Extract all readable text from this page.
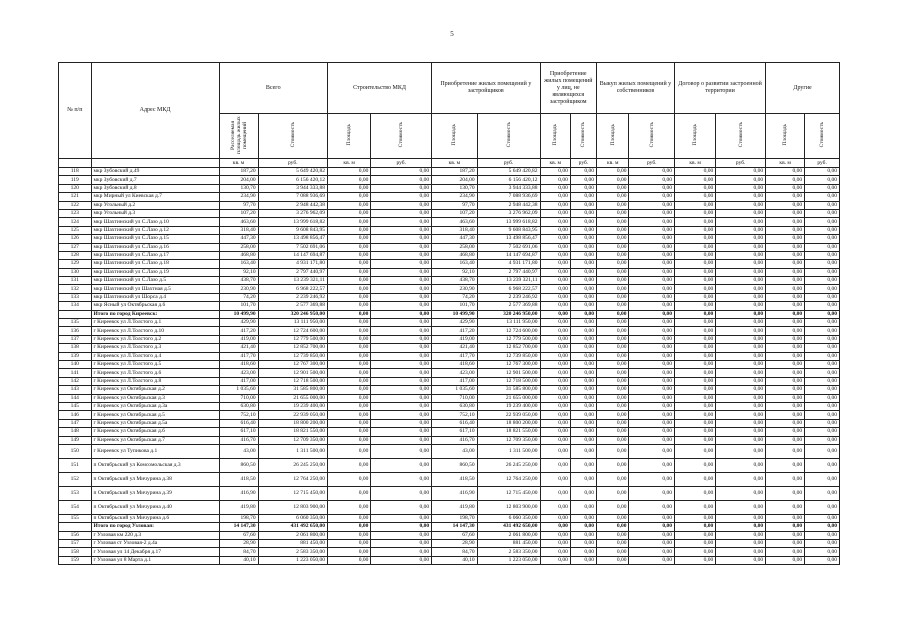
5
№ п/п	Адрес МКД	Всего		Строительство МКД		Приобретение жилых помещений у застройщиков		Приобретение жилых помещений у лиц, не являющихся застройщиком		Выкуп жилых помещений у собственников		Договор о развитии застроенной территории		Другие	
		Расселяемая площадь жилых помещений	Стоимость	Площадь	Стоимость	Площадь	Стоимость	Площадь	Стоимость	Площадь	Стоимость	Площадь	Стоимость	Площадь	Стоимость
		кв. м	руб.	кв. м	руб.	кв. м	руб.	кв. м	руб.	кв. м	руб.	кв. м	руб.	кв. м	руб.
118	мкр Зубовский д.49	187,20	5 649 420,82	0,00	0,00	187,20	5 649 420,82	0,00	0,00	0,00	0,00	0,00	0,00	0,00	0,00
119	мкр Зубовский д.7	204,00	6 156 420,12	0,00	0,00	204,00	6 156 420,12	0,00	0,00	0,00	0,00	0,00	0,00	0,00	0,00
120	мкр Зубовский д.8	130,70	3 944 333,88	0,00	0,00	130,70	3 944 333,88	0,00	0,00	0,00	0,00	0,00	0,00	0,00	0,00
121	мкр Мирный ул Киевская д.7	234,90	7 088 936,69	0,00	0,00	234,90	7 088 936,69	0,00	0,00	0,00	0,00	0,00	0,00	0,00	0,00
122	мкр Угольный д.2	97,70	2 948 442,38	0,00	0,00	97,70	2 948 442,38	0,00	0,00	0,00	0,00	0,00	0,00	0,00	0,00
123	мкр Угольный д.3	107,20	3 276 962,09	0,00	0,00	107,20	3 276 962,09	0,00	0,00	0,00	0,00	0,00	0,00	0,00	0,00
124	мкр Шахтинский ул С.Лазо д.10	463,60	13 999 618,82	0,00	0,00	463,60	13 999 618,82	0,00	0,00	0,00	0,00	0,00	0,00	0,00	0,00
125	мкр Шахтинский ул С.Лазо д.12	318,40	9 608 843,95	0,00	0,00	318,40	9 608 843,95	0,00	0,00	0,00	0,00	0,00	0,00	0,00	0,00
126	мкр Шахтинский ул С.Лазо д.15	447,30	13 498 856,47	0,00	0,00	447,30	13 498 856,47	0,00	0,00	0,00	0,00	0,00	0,00	0,00	0,00
127	мкр Шахтинский ул С.Лазо д.16	258,00	7 502 691,06	0,00	0,00	258,00	7 502 691,06	0,00	0,00	0,00	0,00	0,00	0,00	0,00	0,00
128	мкр Шахтинский ул С.Лазо д.17	468,80	14 147 694,87	0,00	0,00	468,80	14 147 694,87	0,00	0,00	0,00	0,00	0,00	0,00	0,00	0,00
129	мкр Шахтинский ул С.Лазо д.18	163,40	4 931 171,80	0,00	0,00	163,40	4 931 171,80	0,00	0,00	0,00	0,00	0,00	0,00	0,00	0,00
130	мкр Шахтинский ул С.Лазо д.19	92,10	2 797 440,97	0,00	0,00	92,10	2 797 440,97	0,00	0,00	0,00	0,00	0,00	0,00	0,00	0,00
131	мкр Шахтинский ул С.Лазо д.5	438,70	13 239 321,11	0,00	0,00	438,70	13 239 321,11	0,00	0,00	0,00	0,00	0,00	0,00	0,00	0,00
132	мкр Шахтинский ул Шахтная д.5	230,90	6 968 222,57	0,00	0,00	230,90	6 968 222,57	0,00	0,00	0,00	0,00	0,00	0,00	0,00	0,00
133	мкр Шахтинский ул Шорса д.4	74,20	2 239 246,92	0,00	0,00	74,20	2 239 246,92	0,00	0,00	0,00	0,00	0,00	0,00	0,00	0,00
134	мкр Ясный ул Октябрьская д.6	101,70	2 577 369,88	0,00	0,00	101,70	2 577 369,88	0,00	0,00	0,00	0,00	0,00	0,00	0,00	0,00
	Итого по город Киреевск:	10 499,90	320 246 950,00	0,00	0,00	10 499,90	320 246 950,00	0,00	0,00	0,00	0,00	0,00	0,00	0,00	0,00
135	г Киреевск ул Л.Толстого д.1	429,90	13 111 950,00	0,00	0,00	429,90	13 111 950,00	0,00	0,00	0,00	0,00	0,00	0,00	0,00	0,00
136	г Киреевск ул Л.Толстого д.10	417,20	12 724 600,00	0,00	0,00	417,20	12 724 600,00	0,00	0,00	0,00	0,00	0,00	0,00	0,00	0,00
137	г Киреевск ул Л.Толстого д.2	419,00	12 779 500,00	0,00	0,00	419,00	12 779 500,00	0,00	0,00	0,00	0,00	0,00	0,00	0,00	0,00
138	г Киреевск ул Л.Толстого д.3	421,40	12 852 700,00	0,00	0,00	421,40	12 852 700,00	0,00	0,00	0,00	0,00	0,00	0,00	0,00	0,00
139	г Киреевск ул Л.Толстого д.4	417,70	12 739 850,00	0,00	0,00	417,70	12 739 850,00	0,00	0,00	0,00	0,00	0,00	0,00	0,00	0,00
140	г Киреевск ул Л.Толстого д.5	418,60	12 767 300,00	0,00	0,00	418,60	12 767 300,00	0,00	0,00	0,00	0,00	0,00	0,00	0,00	0,00
141	г Киреевск ул Л.Толстого д.6	423,00	12 901 500,00	0,00	0,00	423,00	12 901 500,00	0,00	0,00	0,00	0,00	0,00	0,00	0,00	0,00
142	г Киреевск ул Л.Толстого д.8	417,00	12 718 500,00	0,00	0,00	417,00	12 718 500,00	0,00	0,00	0,00	0,00	0,00	0,00	0,00	0,00
143	г Киреевск ул Октябрьская д.2	1 035,60	31 585 800,00	0,00	0,00	1 035,60	31 585 800,00	0,00	0,00	0,00	0,00	0,00	0,00	0,00	0,00
144	г Киреевск ул Октябрьская д.3	710,00	21 655 000,00	0,00	0,00	710,00	21 655 000,00	0,00	0,00	0,00	0,00	0,00	0,00	0,00	0,00
145	г Киреевск ул Октябрьская д.3а	630,80	19 239 400,00	0,00	0,00	630,80	19 239 400,00	0,00	0,00	0,00	0,00	0,00	0,00	0,00	0,00
146	г Киреевск ул Октябрьская д.5	752,10	22 939 050,00	0,00	0,00	752,10	22 939 050,00	0,00	0,00	0,00	0,00	0,00	0,00	0,00	0,00
147	г Киреевск ул Октябрьская д.5а	616,40	18 800 200,00	0,00	0,00	616,40	18 800 200,00	0,00	0,00	0,00	0,00	0,00	0,00	0,00	0,00
148	г Киреевск ул Октябрьская д.6	617,10	18 821 550,00	0,00	0,00	617,10	18 821 550,00	0,00	0,00	0,00	0,00	0,00	0,00	0,00	0,00
149	г Киреевск ул Октябрьская д.7	416,70	12 709 350,00	0,00	0,00	416,70	12 709 350,00	0,00	0,00	0,00	0,00	0,00	0,00	0,00	0,00
150	г Киреевск ул Тупикова д.1	43,00	1 311 500,00	0,00	0,00	43,00	1 311 500,00	0,00	0,00	0,00	0,00	0,00	0,00	0,00	0,00
151	п Октябрьский ул Комсомольская д.3	860,50	26 245 250,00	0,00	0,00	860,50	26 245 250,00	0,00	0,00	0,00	0,00	0,00	0,00	0,00	0,00
152	п Октябрьский ул Мичурина д.38	418,50	12 764 250,00	0,00	0,00	418,50	12 764 250,00	0,00	0,00	0,00	0,00	0,00	0,00	0,00	0,00
153	п Октябрьский ул Мичурина д.39	416,90	12 715 450,00	0,00	0,00	416,90	12 715 450,00	0,00	0,00	0,00	0,00	0,00	0,00	0,00	0,00
154	п Октябрьский ул Мичурина д.40	419,80	12 803 900,00	0,00	0,00	419,80	12 803 900,00	0,00	0,00	0,00	0,00	0,00	0,00	0,00	0,00
155	п Октябрьский ул Мичурина д.6	198,70	6 060 350,00	0,00	0,00	198,70	6 060 350,00	0,00	0,00	0,00	0,00	0,00	0,00	0,00	0,00
	Итого по город Узловая:	14 147,30	431 492 650,00	0,00	0,00	14 147,30	431 492 650,00	0,00	0,00	0,00	0,00	0,00	0,00	0,00	0,00
156	г Узловая км 220 д.3	67,60	2 061 800,00	0,00	0,00	67,60	2 061 800,00	0,00	0,00	0,00	0,00	0,00	0,00	0,00	0,00
157	г Узловая ст Узловая-2 д.4а	28,90	881 450,00	0,00	0,00	28,90	881 450,00	0,00	0,00	0,00	0,00	0,00	0,00	0,00	0,00
158	г Узловая ул 14 Декабря д.17	84,70	2 583 350,00	0,00	0,00	84,70	2 583 350,00	0,00	0,00	0,00	0,00	0,00	0,00	0,00	0,00
159	г Узловая ул 8 Марта д.1	40,10	1 223 050,00	0,00	0,00	40,10	1 223 050,00	0,00	0,00	0,00	0,00	0,00	0,00	0,00	0,00
